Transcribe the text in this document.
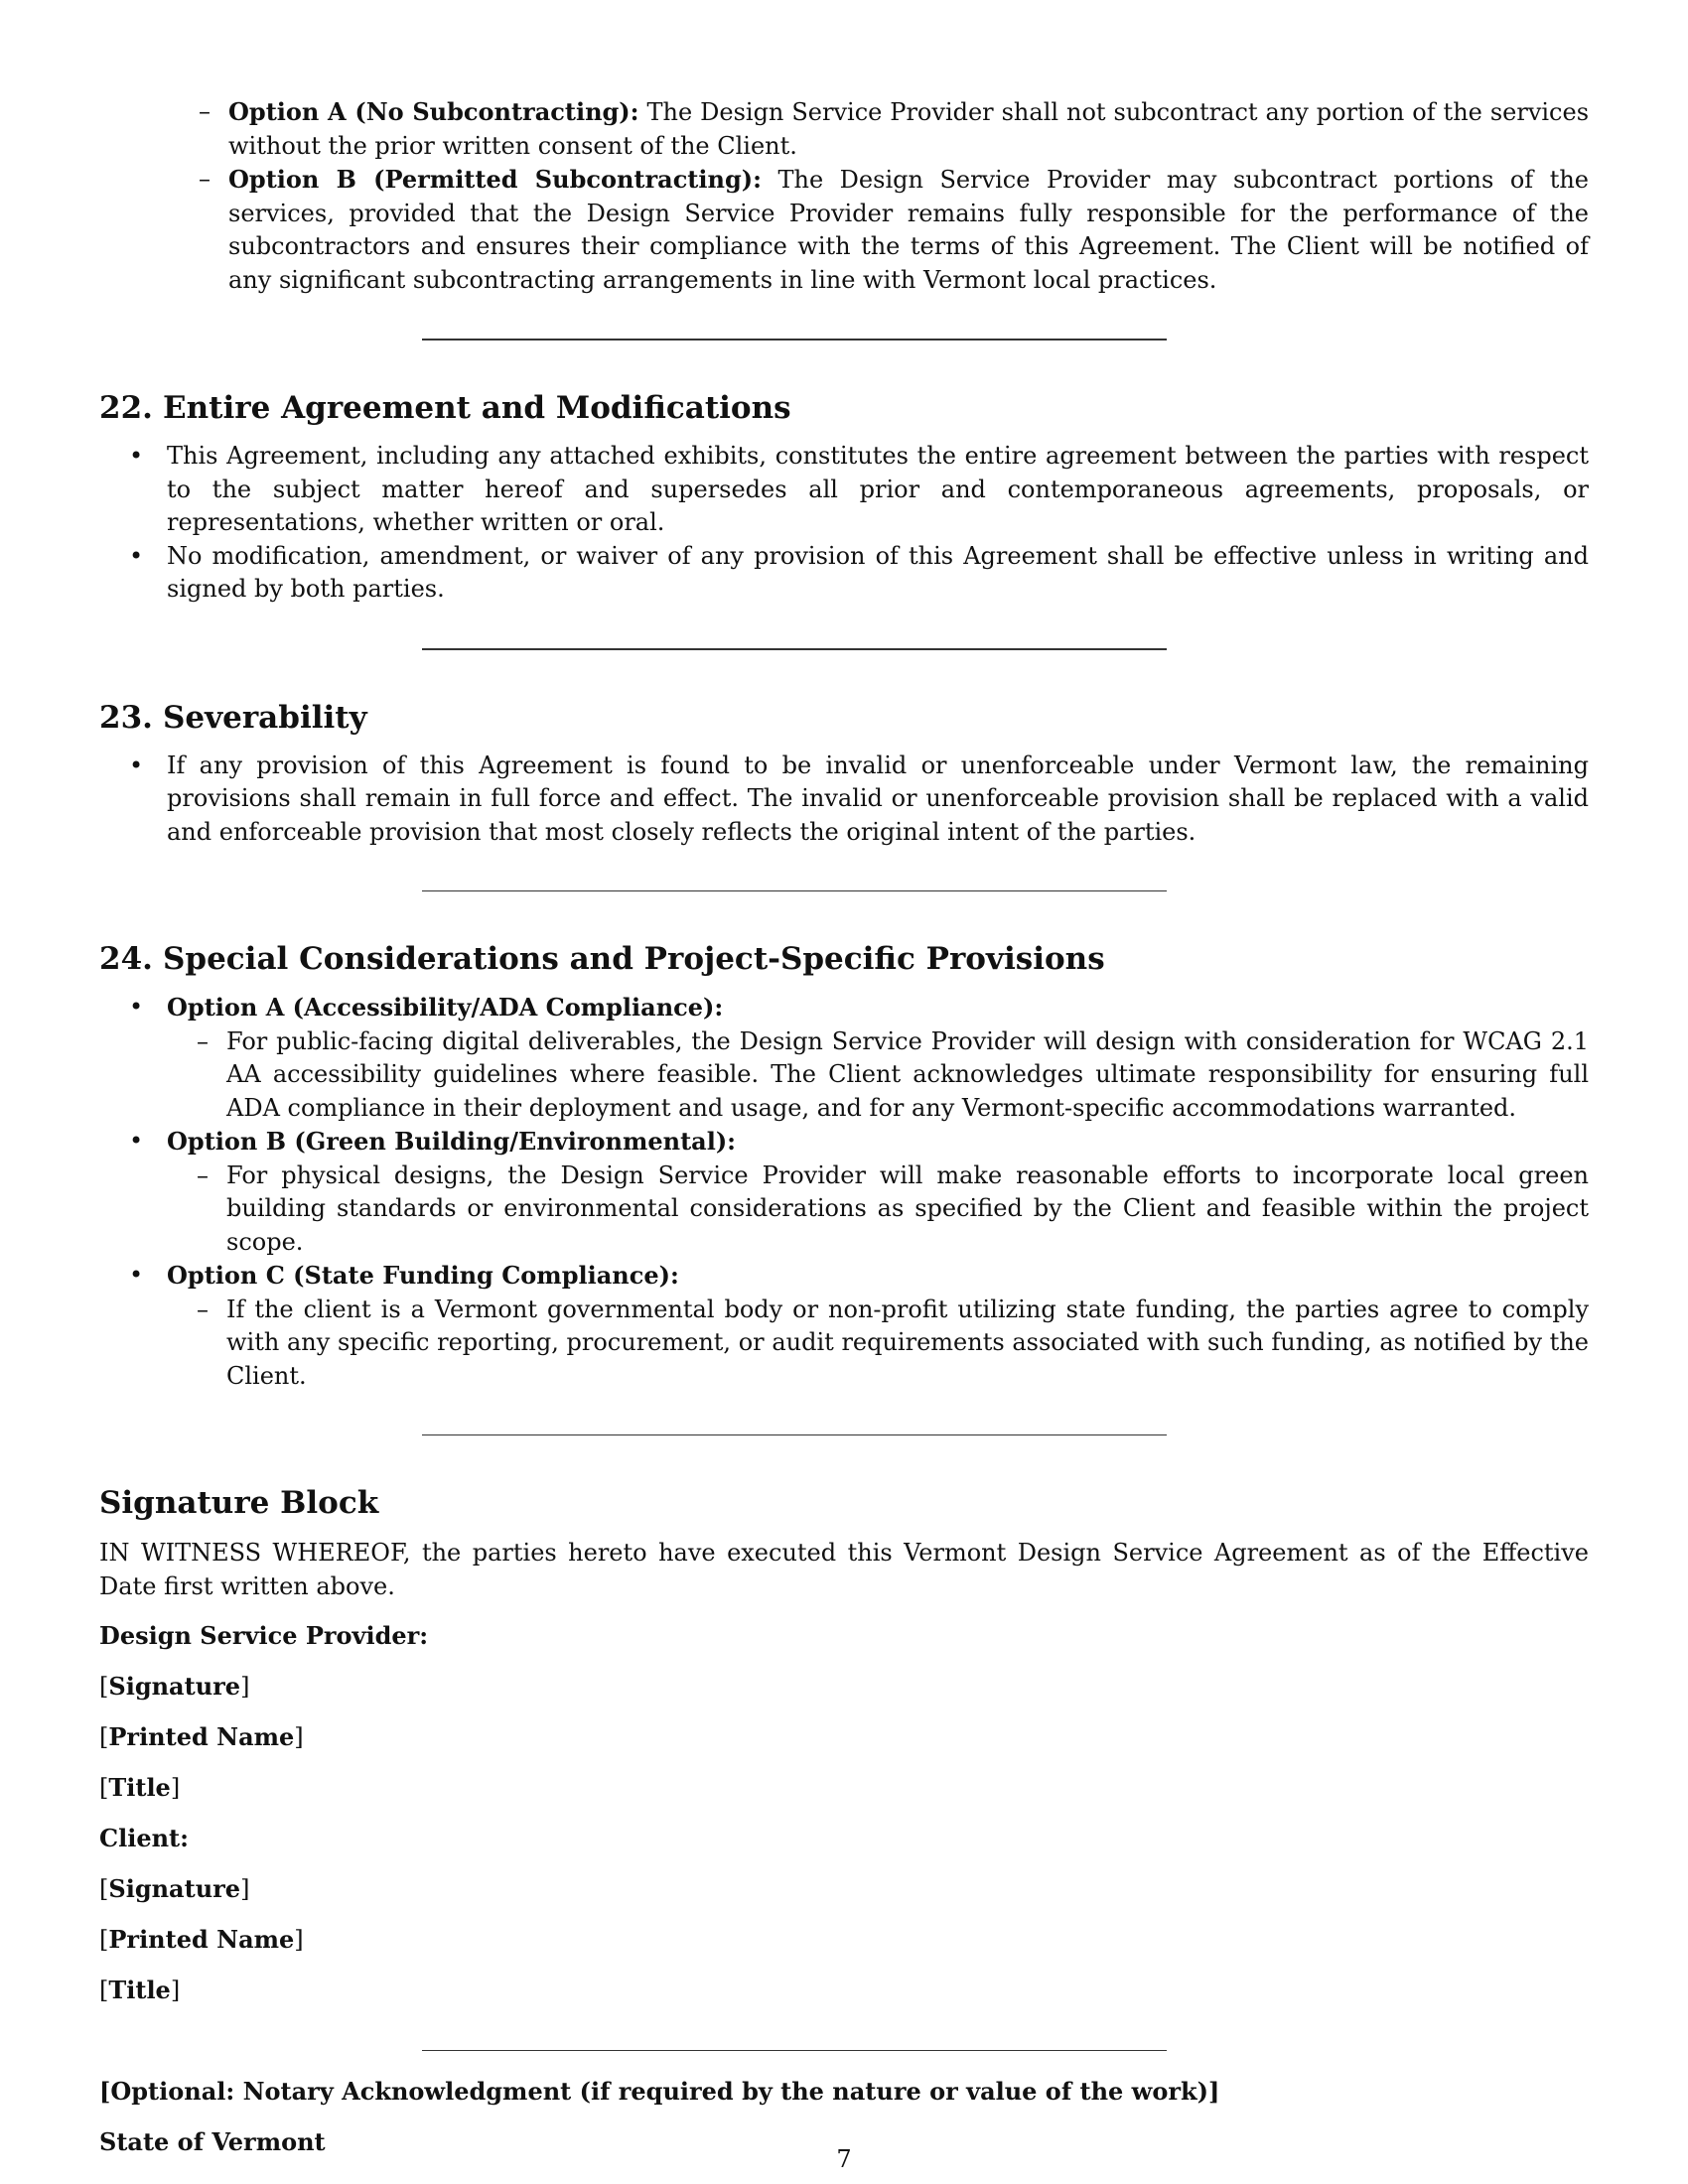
– Option A (No Subcontracting): The Design Service Provider shall not subcontract any portion of the services without the prior written consent of the Client.
– Option B (Permitted Subcontracting): The Design Service Provider may subcontract portions of the services, provided that the Design Service Provider remains fully responsible for the performance of the subcontractors and ensures their compliance with the terms of this Agreement. The Client will be notified of any significant subcontracting arrangements in line with Vermont local practices.
22. Entire Agreement and Modifications
• This Agreement, including any attached exhibits, constitutes the entire agreement between the parties with respect to the subject matter hereof and supersedes all prior and contemporaneous agreements, proposals, or representations, whether written or oral.
• No modification, amendment, or waiver of any provision of this Agreement shall be effective unless in writing and signed by both parties.
23. Severability
• If any provision of this Agreement is found to be invalid or unenforceable under Vermont law, the remaining provisions shall remain in full force and effect. The invalid or unenforceable provision shall be replaced with a valid and enforceable provision that most closely reflects the original intent of the parties.
24. Special Considerations and Project-Specific Provisions
• Option A (Accessibility/ADA Compliance):
– For public-facing digital deliverables, the Design Service Provider will design with consideration for WCAG 2.1 AA accessibility guidelines where feasible. The Client acknowledges ultimate responsibility for ensuring full ADA compliance in their deployment and usage, and for any Vermont-specific accommodations warranted.
• Option B (Green Building/Environmental):
– For physical designs, the Design Service Provider will make reasonable efforts to incorporate local green building standards or environmental considerations as specified by the Client and feasible within the project scope.
• Option C (State Funding Compliance):
– If the client is a Vermont governmental body or non-profit utilizing state funding, the parties agree to comply with any specific reporting, procurement, or audit requirements associated with such funding, as notified by the Client.
Signature Block
IN WITNESS WHEREOF, the parties hereto have executed this Vermont Design Service Agreement as of the Effective Date first written above.
Design Service Provider:
[Signature]
[Printed Name]
[Title]
Client:
[Signature]
[Printed Name]
[Title]
[Optional: Notary Acknowledgment (if required by the nature or value of the work)]
State of Vermont
7
